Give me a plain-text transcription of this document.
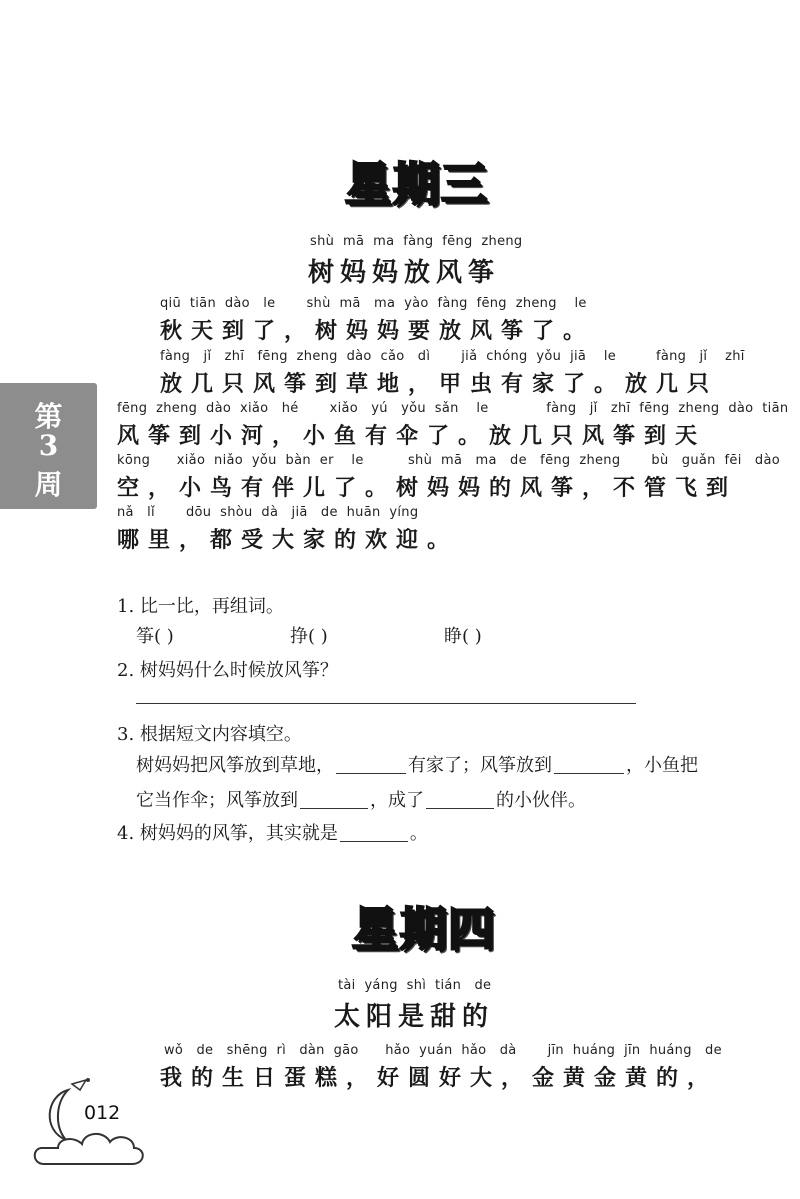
第
3
周
星期三
shù  mā  ma  fàng  fēng  zheng
树妈妈放风筝
qiū  tiān  dào   le       shù  mā   ma  yào  fàng  fēng  zheng    le
秋天到了，树妈妈要放风筝了。
fàng   jǐ   zhī   fēng  zheng  dào  cǎo   dì       jiǎ  chóng  yǒu  jiā    le         fàng   jǐ    zhī
放几只风筝到草地，甲虫有家了。放几只
fēng  zheng  dào  xiǎo   hé       xiǎo   yú   yǒu  sǎn    le             fàng   jǐ   zhī  fēng  zheng  dào  tiān
风筝到小河，小鱼有伞了。放几只风筝到天
kōng      xiǎo  niǎo  yǒu  bàn  er    le          shù  mā   ma   de   fēng  zheng       bù   guǎn  fēi   dào
空，小鸟有伴儿了。树妈妈的风筝，不管飞到
nǎ   lǐ       dōu  shòu  dà   jiā   de  huān  yíng
哪里，都受大家的欢迎。
1. 比一比，再组词。
筝( )	挣( )	睁( )
2. 树妈妈什么时候放风筝？
3. 根据短文内容填空。
树妈妈把风筝放到草地，	有家了；风筝放到	，小鱼把
它当作伞；风筝放到	，成了	的小伙伴。
4. 树妈妈的风筝，其实就是	。
星期四
tài  yáng  shì  tián   de
太阳是甜的
wǒ   de   shēng  rì   dàn  gāo      hǎo  yuán  hǎo   dà       jīn  huáng  jīn  huáng   de
我的生日蛋糕，好圆好大，金黄金黄的，
012
